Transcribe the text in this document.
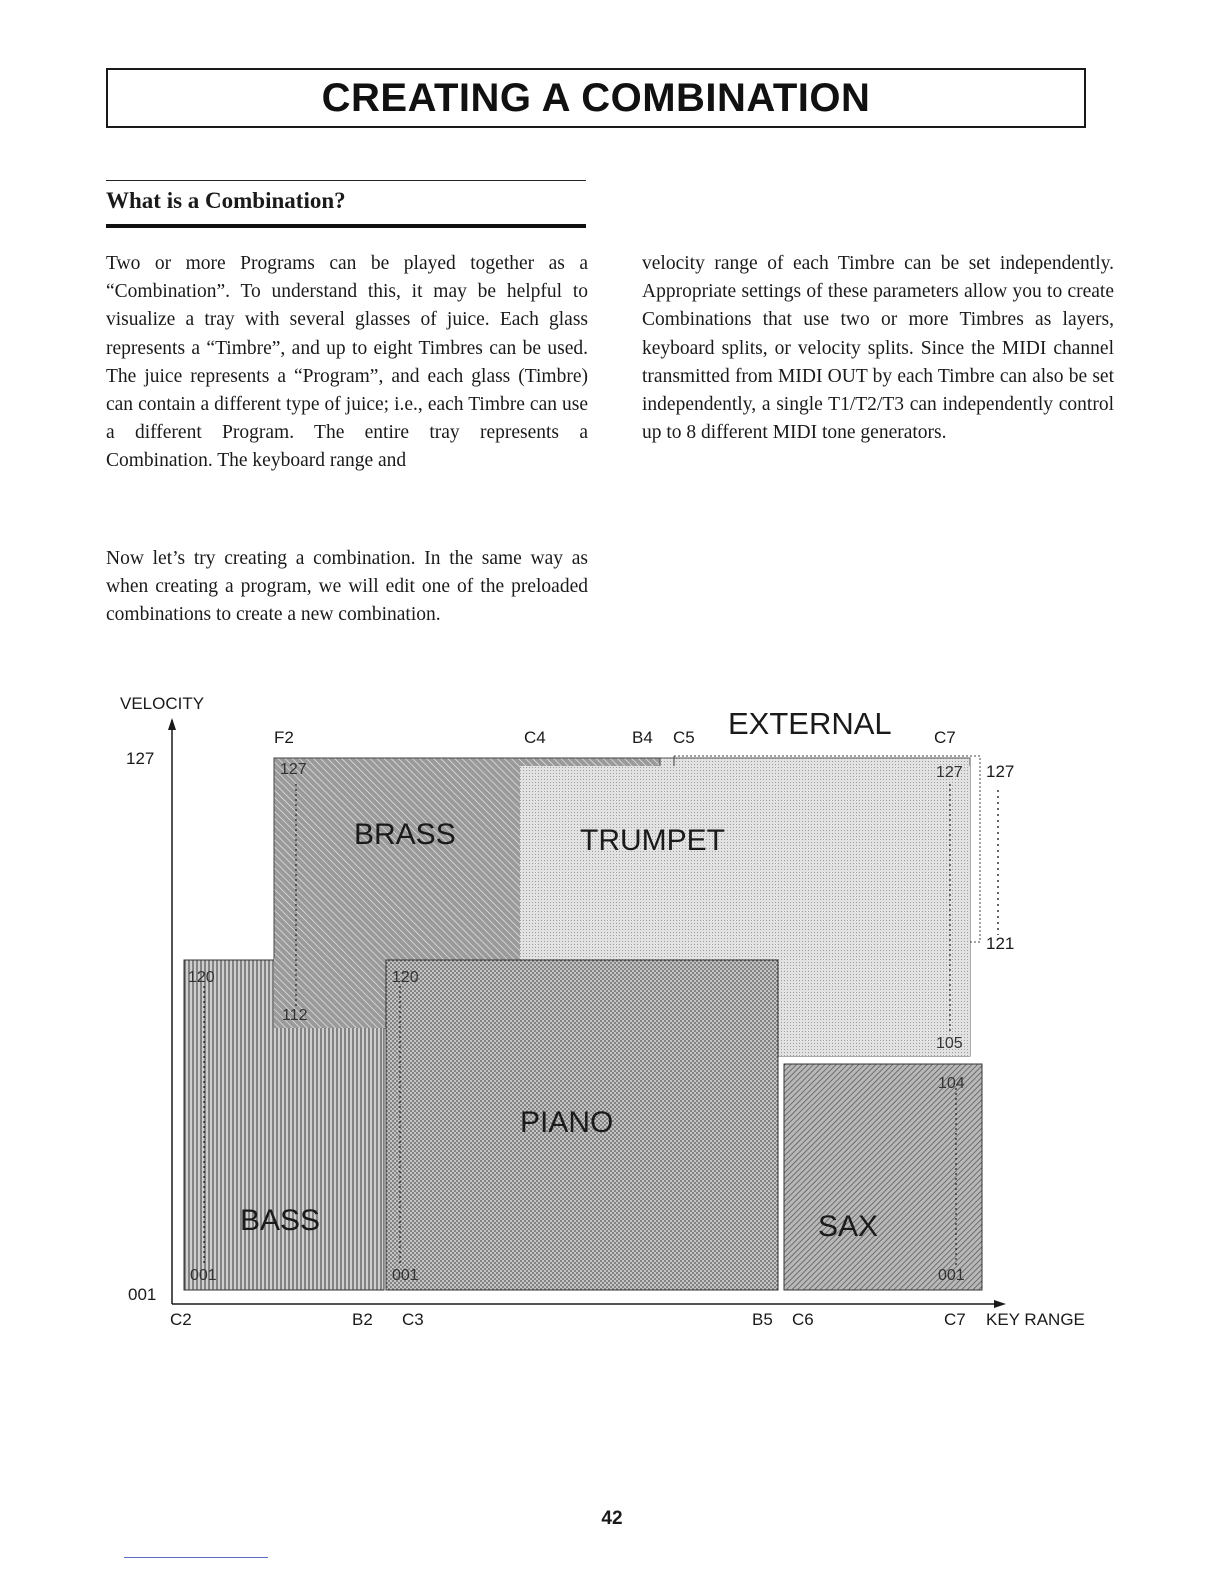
CREATING A COMBINATION
What is a Combination?

Two or more Programs can be played together as a “Combination”. To understand this, it may be helpful to visualize a tray with several glasses of juice. Each glass represents a “Timbre”, and up to eight Timbres can be used. The juice represents a “Program”, and each glass (Timbre) can contain a different type of juice; i.e., each Timbre can use a different Program. The entire tray represents a Combination. The keyboard range and

velocity range of each Timbre can be set independently. Appropriate settings of these parameters allow you to create Combinations that use two or more Timbres as layers, keyboard splits, or velocity splits. Since the MIDI channel transmitted from MIDI OUT by each Timbre can also be set independently, a single T1/T2/T3 can independently control up to 8 different MIDI tone generators.

Now let’s try creating a combination. In the same way as when creating a program, we will edit one of the preloaded combinations to create a new combination.

VELOCITY
KEY RANGE
127
001
C2	B2 C3	B5 C6	C7
F2	C4	B4 C5	C7
EXTERNAL
127
121
BRASS	TRUMPET
BASS
PIANO
SAX
127
112
127
105
120
001
120
001
104
001
42
